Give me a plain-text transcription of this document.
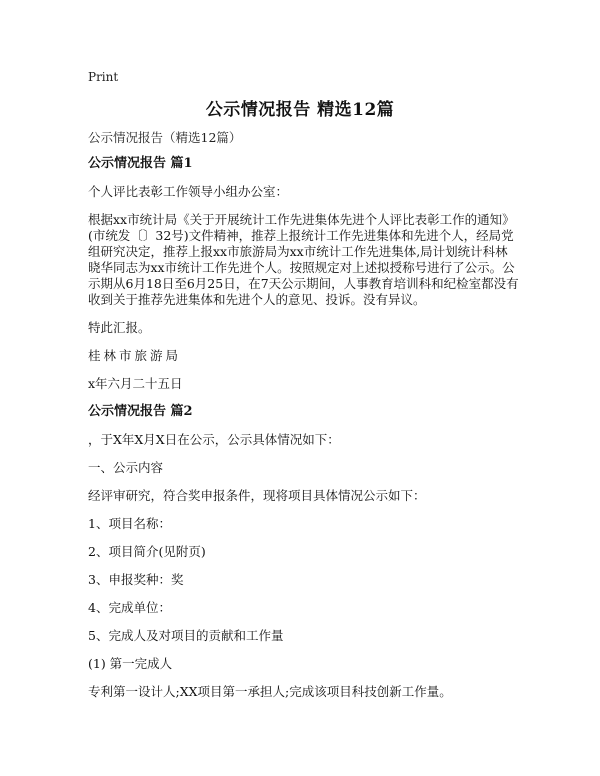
Print
公示情况报告 精选12篇

公示情况报告（精选12篇）

公示情况报告 篇1

个人评比表彰工作领导小组办公室：

根据xx市统计局《关于开展统计工作先进集体先进个人评比表彰工作的通知》(市统发〔〕32号)文件精神，推荐上报统计工作先进集体和先进个人，经局党组研究决定，推荐上报xx市旅游局为xx市统计工作先进集体,局计划统计科林晓华同志为xx市统计工作先进个人。按照规定对上述拟授称号进行了公示。公示期从6月18日至6月25日，在7天公示期间，人事教育培训科和纪检室都没有收到关于推荐先进集体和先进个人的意见、投诉。没有异议。

特此汇报。

桂林市旅游局

x年六月二十五日

公示情况报告 篇2

，于X年X月X日在公示，公示具体情况如下：

一、公示内容

经评审研究，符合奖申报条件，现将项目具体情况公示如下：

1、项目名称：

2、项目简介(见附页)

3、申报奖种：奖

4、完成单位：

5、完成人及对项目的贡献和工作量

(1) 第一完成人

专利第一设计人;XX项目第一承担人;完成该项目科技创新工作量。
